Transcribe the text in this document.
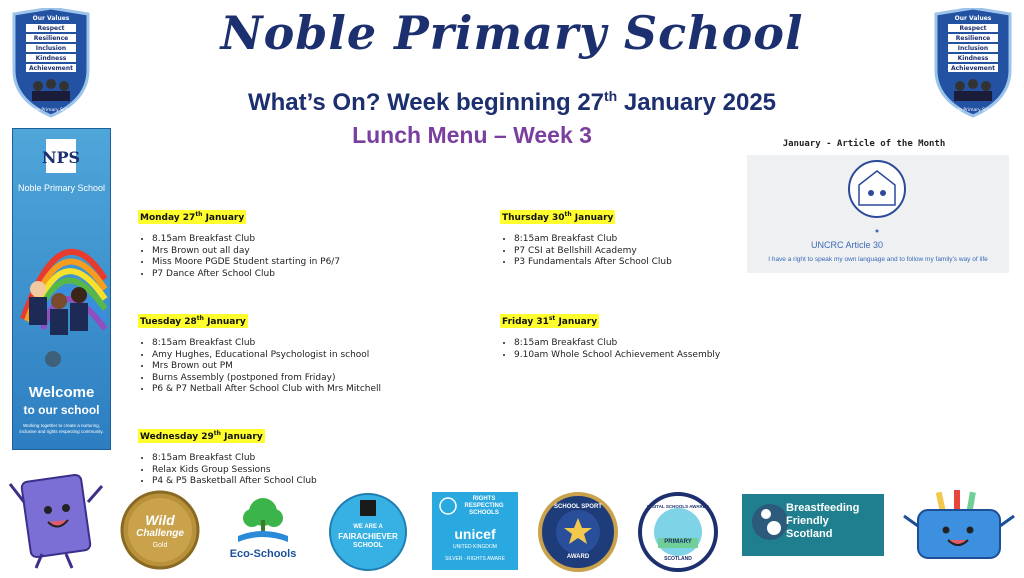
Noble Primary School
What’s On? Week beginning 27th January 2025
Lunch Menu – Week 3
Our Values
Respect
Resilience
Inclusion
Kindness
Achievement
Noble Primary School
Our Values
Respect
Resilience
Inclusion
Kindness
Achievement
Noble Primary School
NPS
Noble Primary School
Welcome
to our school
Working together to create a nurturing, inclusive and rights respecting community.
Monday 27th January
• 8.15am Breakfast Club
• Mrs Brown out all day
• Miss Moore PGDE Student starting in P6/7
• P7 Dance After School Club
Tuesday 28th January
• 8:15am Breakfast Club
• Amy Hughes, Educational Psychologist in school
• Mrs Brown out PM
• Burns Assembly (postponed from Friday)
• P6 & P7 Netball After School Club with Mrs Mitchell
Wednesday 29th January
• 8:15am Breakfast Club
• Relax Kids Group Sessions
• P4 & P5 Basketball After School Club
Thursday 30th January
• 8:15am Breakfast Club
• P7 CSI at Bellshill Academy
• P3 Fundamentals After School Club
Friday 31st January
• 8:15am Breakfast Club
• 9.10am Whole School Achievement Assembly
January - Article of the Month
UNCRC Article 30
I have a right to speak my own language and to follow my family’s way of life
Wild
Challenge
Gold
Eco-Schools
WE ARE A
FAIRACHIEVER
SCHOOL
RIGHTS
RESPECTING
SCHOOLS
unicef
UNITED KINGDOM
SILVER - RIGHTS AWARE
SCHOOL SPORT
AWARD
DIGITAL SCHOOLS AWARDS
SCOTLAND
PRIMARY
Breastfeeding
Friendly
Scotland
